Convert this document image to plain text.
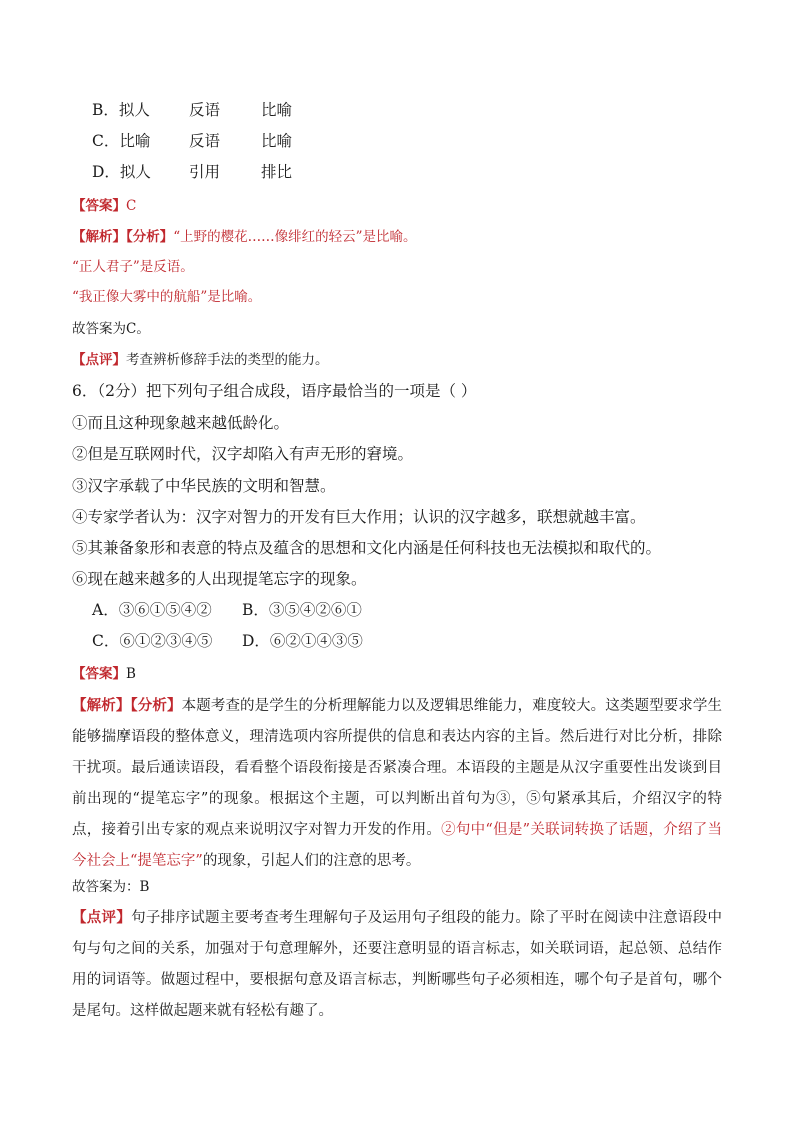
B．拟人	反语	比喻
C．比喻 反语	比喻
D．拟人 引用	排比
【答案】C
【解析】【分析】“上野的樱花……像绯红的轻云”是比喻。
“正人君子”是反语。
“我正像大雾中的航船”是比喻。
故答案为C。
【点评】考查辨析修辞手法的类型的能力。
6．（2分）把下列句子组合成段，语序最恰当的一项是（ ）
①而且这种现象越来越低龄化。
②但是互联网时代，汉字却陷入有声无形的窘境。
③汉字承载了中华民族的文明和智慧。
④专家学者认为：汉字对智力的开发有巨大作用；认识的汉字越多，联想就越丰富。
⑤其兼备象形和表意的特点及蕴含的思想和文化内涵是任何科技也无法模拟和取代的。
⑥现在越来越多的人出现提笔忘字的现象。
A．③⑥①⑤④② B．③⑤④②⑥①
C．⑥①②③④⑤ D．⑥②①④③⑤
【答案】B
【解析】【分析】本题考查的是学生的分析理解能力以及逻辑思维能力，难度较大。这类题型要求学生能够揣摩语段的整体意义，理清选项内容所提供的信息和表达内容的主旨。然后进行对比分析，排除干扰项。最后通读语段，看看整个语段衔接是否紧凑合理。本语段的主题是从汉字重要性出发谈到目前出现的“提笔忘字”的现象。根据这个主题，可以判断出首句为③，⑤句紧承其后，介绍汉字的特点，接着引出专家的观点来说明汉字对智力开发的作用。②句中“但是”关联词转换了话题，介绍了当今社会上“提笔忘字”的现象，引起人们的注意的思考。
故答案为：B
【点评】句子排序试题主要考查考生理解句子及运用句子组段的能力。除了平时在阅读中注意语段中句与句之间的关系，加强对于句意理解外，还要注意明显的语言标志，如关联词语，起总领、总结作用的词语等。做题过程中，要根据句意及语言标志，判断哪些句子必须相连，哪个句子是首句，哪个是尾句。这样做起题来就有轻松有趣了。
